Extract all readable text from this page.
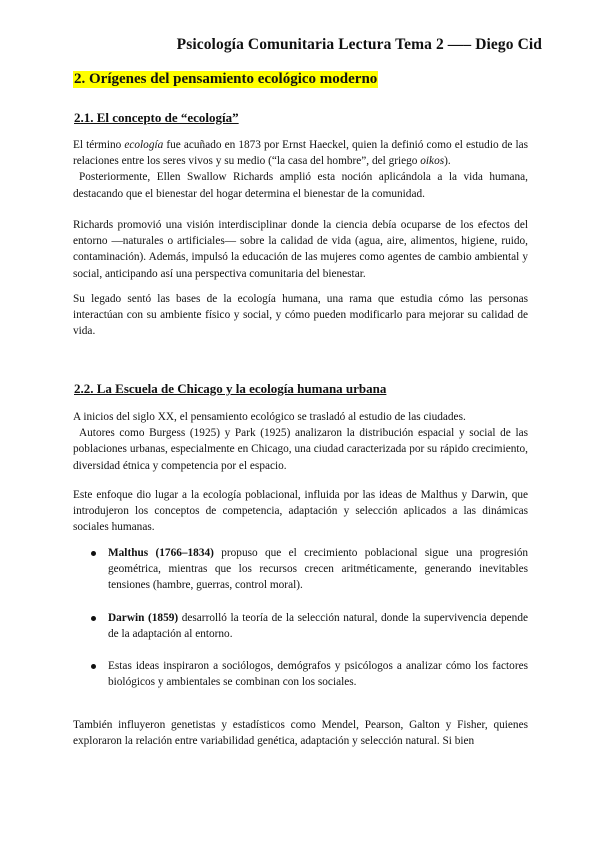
Psicología Comunitaria Lectura Tema 2 —– Diego Cid
2. Orígenes del pensamiento ecológico moderno
2.1. El concepto de “ecología”
El término ecología fue acuñado en 1873 por Ernst Haeckel, quien la definió como el estudio de las relaciones entre los seres vivos y su medio (“la casa del hombre”, del griego oikos).
Posteriormente, Ellen Swallow Richards amplió esta noción aplicándola a la vida humana, destacando que el bienestar del hogar determina el bienestar de la comunidad.
Richards promovió una visión interdisciplinar donde la ciencia debía ocuparse de los efectos del entorno —naturales o artificiales— sobre la calidad de vida (agua, aire, alimentos, higiene, ruido, contaminación). Además, impulsó la educación de las mujeres como agentes de cambio ambiental y social, anticipando así una perspectiva comunitaria del bienestar.
Su legado sentó las bases de la ecología humana, una rama que estudia cómo las personas interactúan con su ambiente físico y social, y cómo pueden modificarlo para mejorar su calidad de vida.
2.2. La Escuela de Chicago y la ecología humana urbana
A inicios del siglo XX, el pensamiento ecológico se trasladó al estudio de las ciudades.
Autores como Burgess (1925) y Park (1925) analizaron la distribución espacial y social de las poblaciones urbanas, especialmente en Chicago, una ciudad caracterizada por su rápido crecimiento, diversidad étnica y competencia por el espacio.
Este enfoque dio lugar a la ecología poblacional, influida por las ideas de Malthus y Darwin, que introdujeron los conceptos de competencia, adaptación y selección aplicados a las dinámicas sociales humanas.
Malthus (1766–1834) propuso que el crecimiento poblacional sigue una progresión geométrica, mientras que los recursos crecen aritméticamente, generando inevitables tensiones (hambre, guerras, control moral).
Darwin (1859) desarrolló la teoría de la selección natural, donde la supervivencia depende de la adaptación al entorno.
Estas ideas inspiraron a sociólogos, demógrafos y psicólogos a analizar cómo los factores biológicos y ambientales se combinan con los sociales.
También influyeron genetistas y estadísticos como Mendel, Pearson, Galton y Fisher, quienes exploraron la relación entre variabilidad genética, adaptación y selección natural. Si bien
